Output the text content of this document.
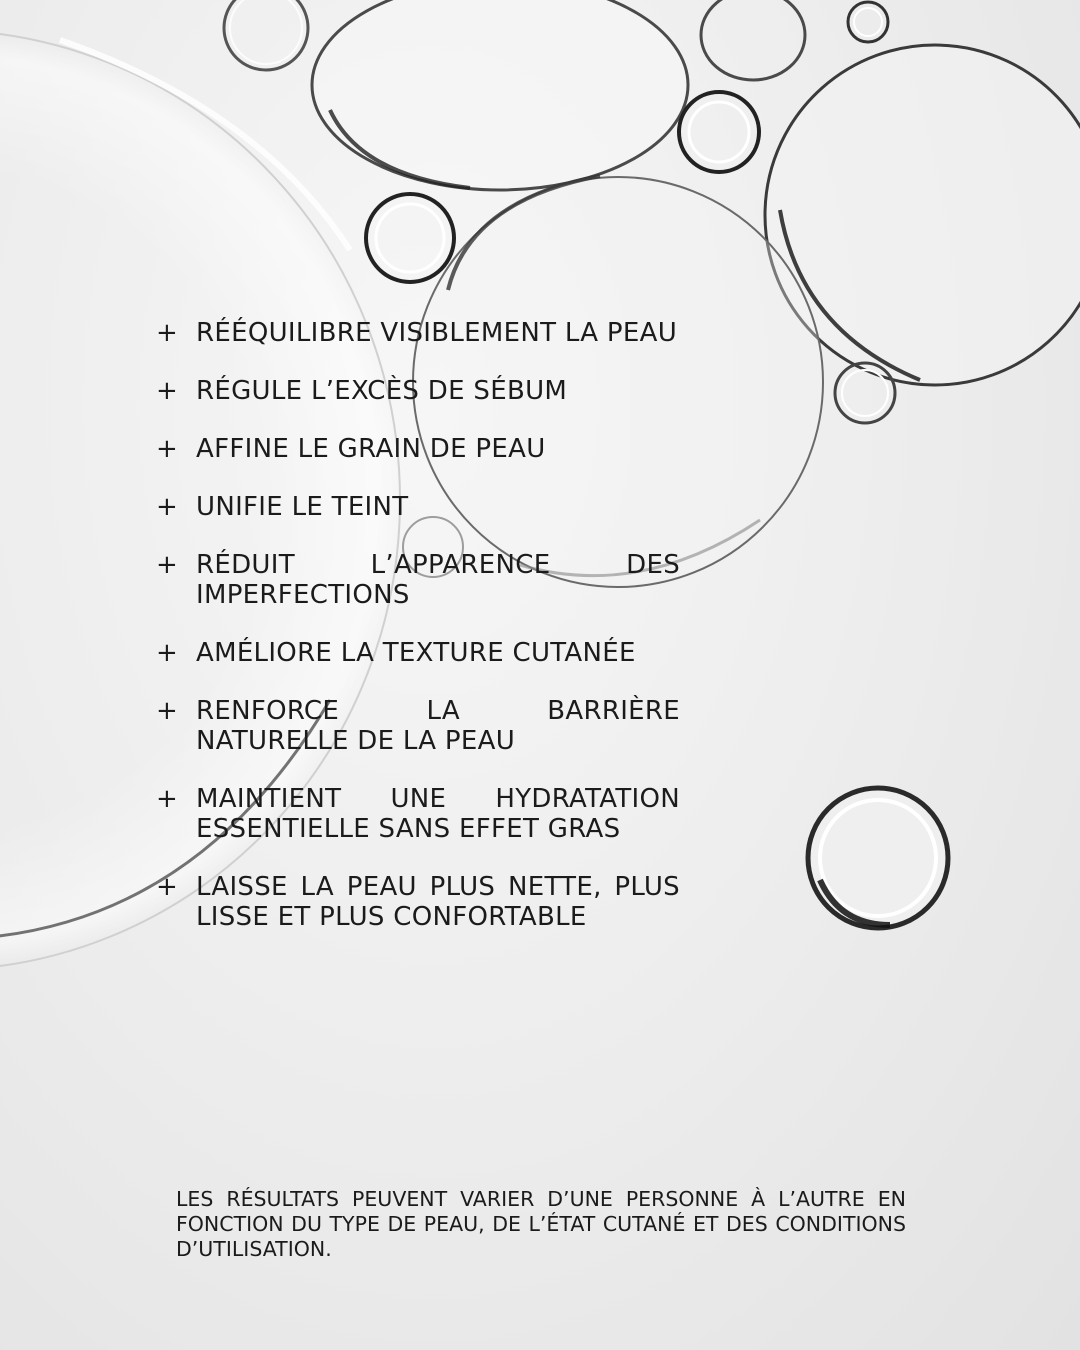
+ RÉÉQUILIBRE VISIBLEMENT LA PEAU
+ RÉGULE L’EXCÈS DE SÉBUM
+ AFFINE LE GRAIN DE PEAU
+ UNIFIE LE TEINT
+ RÉDUIT L’APPARENCE DES IMPERFECTIONS
+ AMÉLIORE LA TEXTURE CUTANÉE
+ RENFORCE LA BARRIÈRE NATURELLE DE LA PEAU
+ MAINTIENT UNE HYDRATATION ESSENTIELLE SANS EFFET GRAS
+ LAISSE LA PEAU PLUS NETTE, PLUS LISSE ET PLUS CONFORTABLE

LES RÉSULTATS PEUVENT VARIER D’UNE PERSONNE À L’AUTRE EN FONCTION DU TYPE DE PEAU, DE L’ÉTAT CUTANÉ ET DES CONDITIONS D’UTILISATION.
